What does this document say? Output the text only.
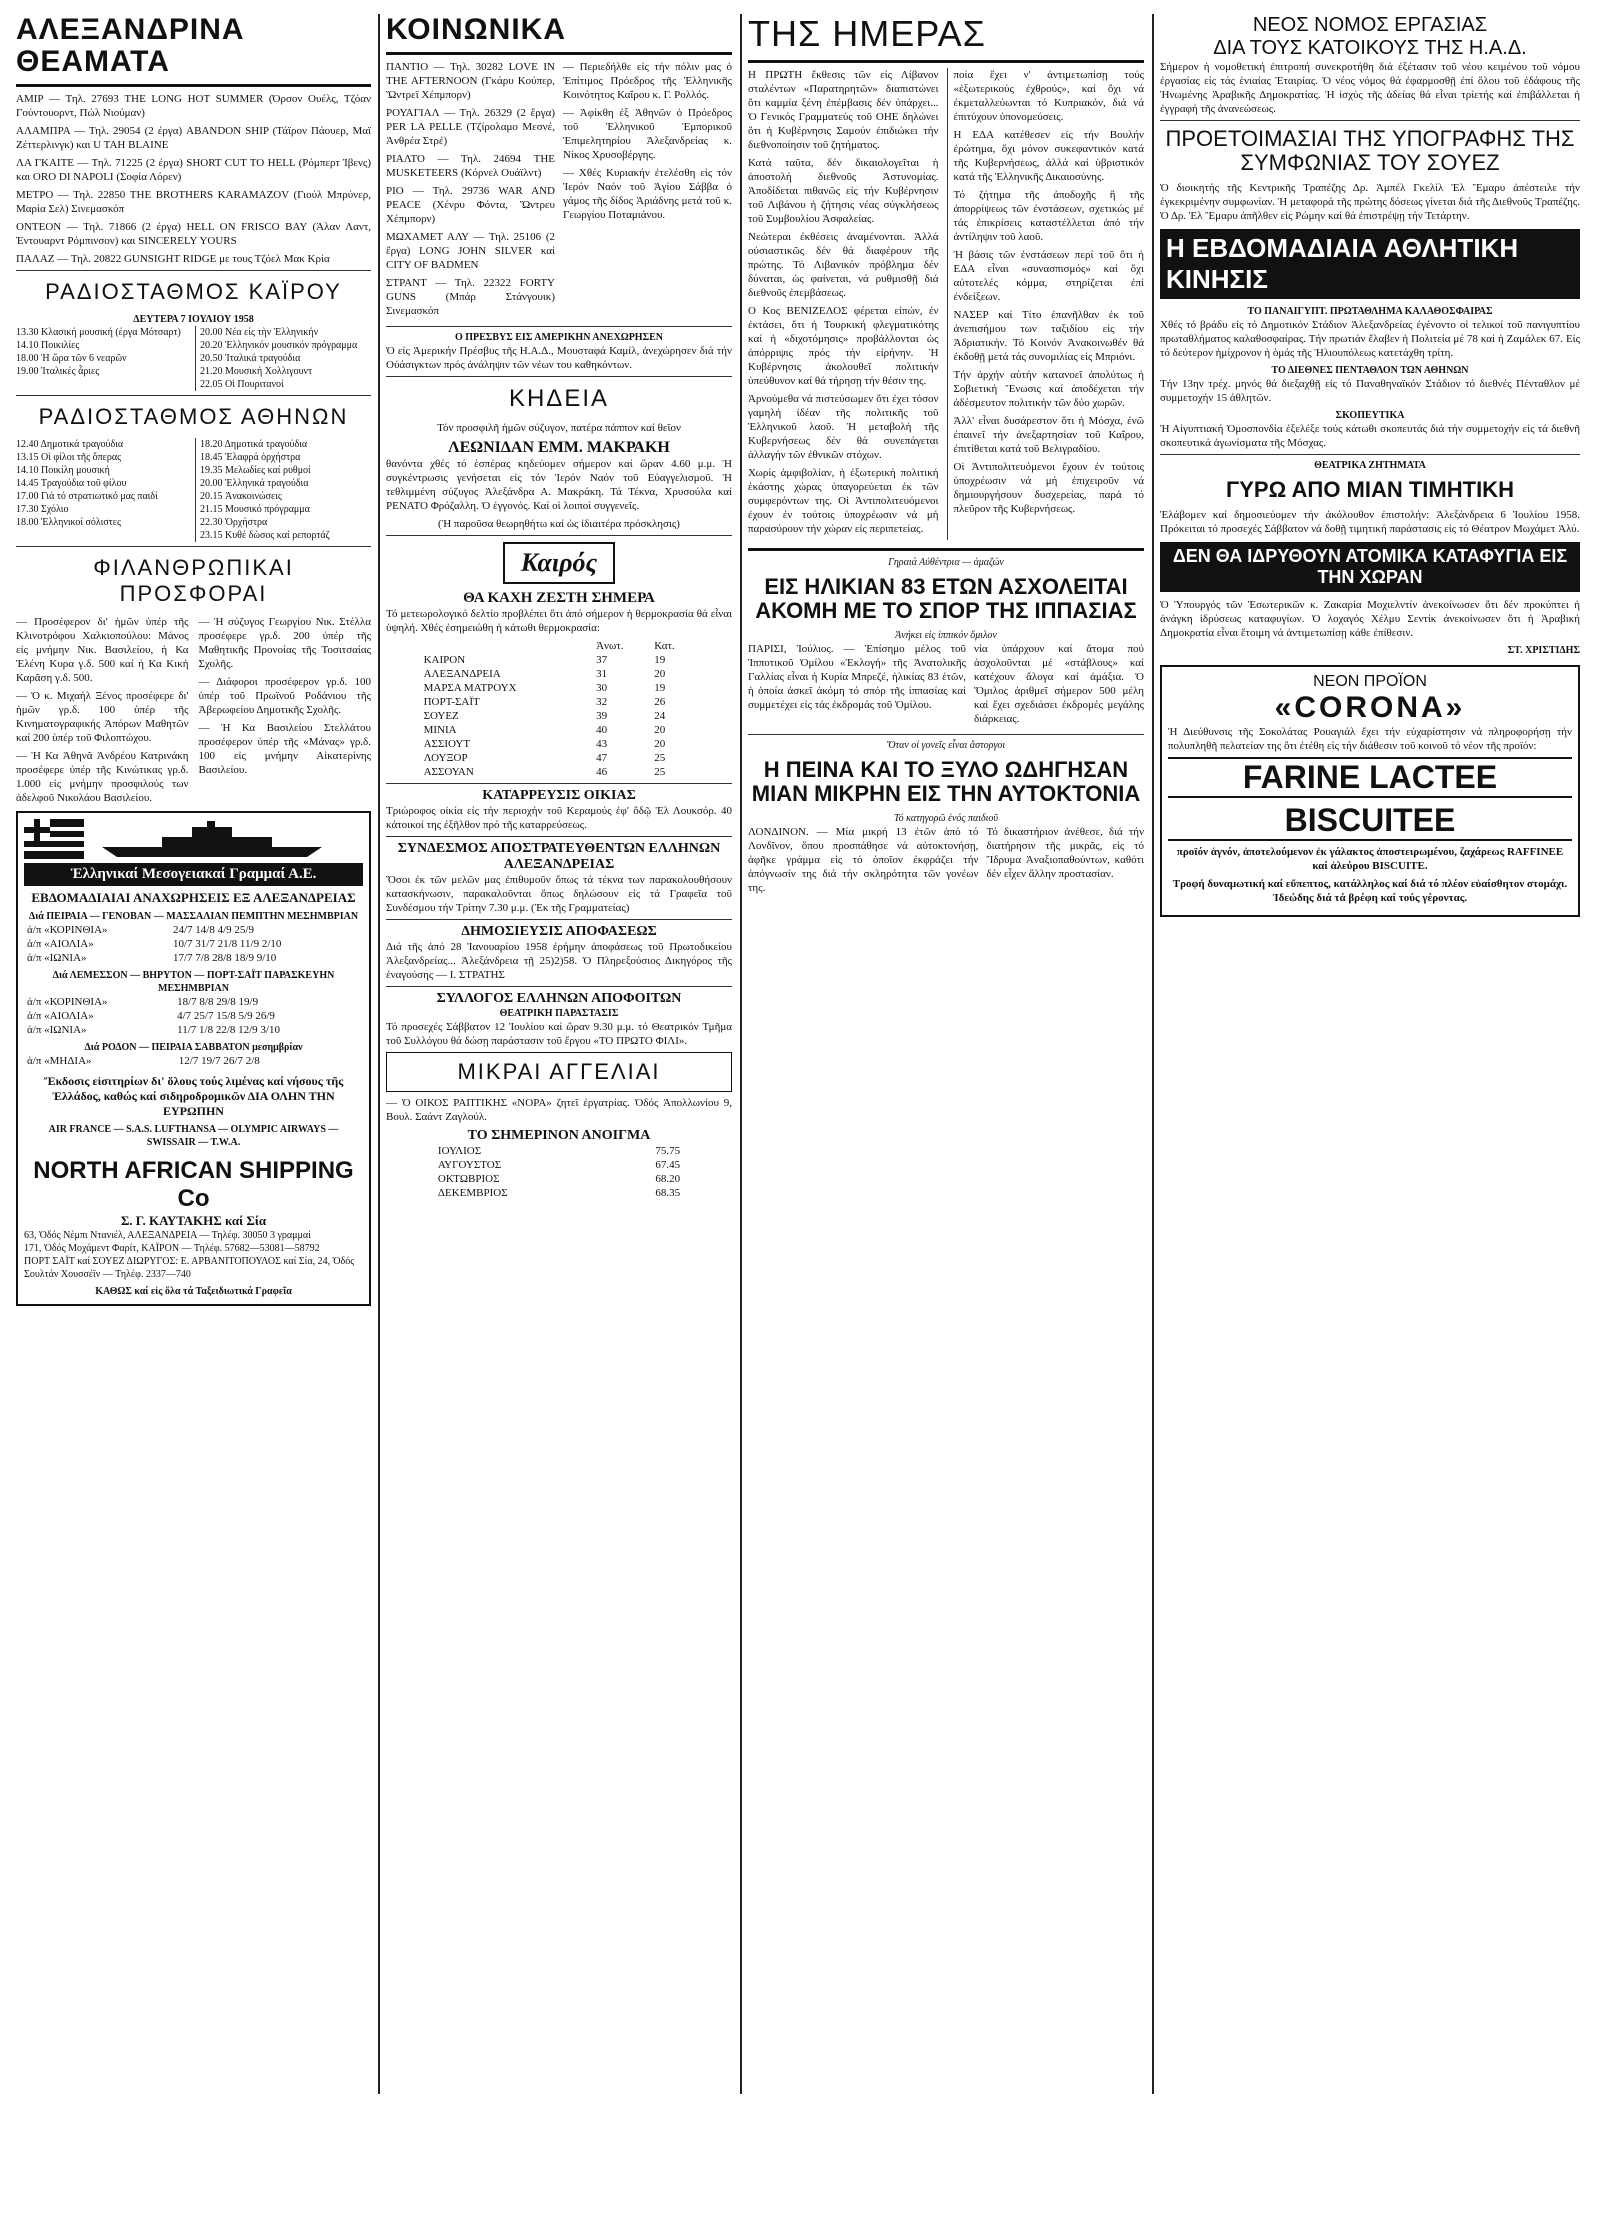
ΑΛΕΞΑΝΔΡΙΝΑ ΘΕΑΜΑΤΑ

ΑΜΙΡ — Τηλ. 27693 THE LONG HOT SUMMER (Όρσον Ουέλς, Τζόαν Γούντουορντ, Πώλ Νιούμαν)

ΑΛΑΜΠΡΑ — Τηλ. 29054 (2 έργα) ABANDON SHIP (Τάϊρον Πάουερ, Μαϊ Ζέττερλινγκ) και U TAH BLAINE

ΛΑ ΓΚΑΙΤΕ — Τηλ. 71225 (2 έργα) SHORT CUT TO HELL (Ρόμπερτ Ίβενς) και ORO DI NAPOLI (Σοφία Λόρεν)

ΜΕΤΡΟ — Τηλ. 22850 THE BROTHERS KARAMAZOV (Γιούλ Μπρύνερ, Μαρία Σελ) Σινεμασκόπ

ΟΝΤΕΟΝ — Τηλ. 71866 (2 έργα) HELL ON FRISCO BAY (Άλαν Λαντ, Έντουαρντ Ρόμπινσον) και SINCERELY YOURS

ΠΑΛΑΖ — Τηλ. 20822 GUNSIGHT RIDGE με τους Τζόελ Μακ Κρία

ΡΑΔΙΟΣΤΑΘΜΟΣ ΚΑΪΡΟΥ
ΔΕΥΤΕΡΑ 7 ΙΟΥΛΙΟΥ 1958
13.30 Κλασική μουσική (έργα Μότσαρτ)
14.10 Ποικιλίες
18.00 Ἡ ὥρα τῶν 6 νεαρῶν
19.00 Ἰταλικές ἆριες
20.00 Νέα είς τὴν Ἑλληνικήν
20.20 Ἑλληνικόν μουσικόν πρόγραμμα
20.50 Ἰταλικά τραγούδια
21.20 Μουσική Χολλιγουντ
22.05 Οἱ Πουριτανοί
ΡΑΔΙΟΣΤΑΘΜΟΣ ΑΘΗΝΩΝ
12.40 Δημοτικά τραγούδια
13.15 Οἱ φίλοι τῆς ὅπερας
14.10 Ποικίλη μουσική
14.45 Τραγούδια τοῦ φίλου
17.00 Γιά τό στρατιωτικό μας παιδί
17.30 Σχόλιο
18.00 Ἑλληνικοί σόλιστες
18.20 Δημοτικά τραγούδια
18.45 Ἐλαφρά ὀρχήστρα
19.35 Μελωδίες καί ρυθμοί
20.00 Ἑλληνικά τραγούδια
20.15 Ἀνακοινώσεις
21.15 Μουσικό πρόγραμμα
22.30 Ὀρχήστρα
23.15 Κυθέ δώσος καί ρεπορτάζ
ΦΙΛΑΝΘΡΩΠΙΚΑΙ ΠΡΟΣΦΟΡΑΙ

— Προσέφερον δι' ἡμῶν ὑπέρ τῆς Κλινοτρόφου Χαλκιοπούλου: Μάνος εἰς μνήμην Νικ. Βασιλείου, ἡ Κα Ἑλένη Κυρα γ.δ. 500 καί ἡ Κα Κική Καρᾶση γ.δ. 500.

— Ὁ κ. Μιχαήλ Ξένος προσέφερε δι' ἡμῶν γρ.δ. 100 ὑπέρ τῆς Κινηματογραφικής Ἀπόρων Μαθητῶν καί 200 ὑπέρ τοῦ Φιλοπτώχου.

— Ἡ Κα Ἀθηνᾶ Ἀνδρέου Κατρινάκη προσέφερε ὑπέρ τῆς Κινώτικας γρ.δ. 1.000 εἰς μνήμην προσφιλούς των ἀδελφοῦ Νικολάου Βασιλείου.

— Ἡ σύζυγος Γεωργίου Νικ. Στέλλα προσέφερε γρ.δ. 200 ὑπέρ τῆς Μαθητικῆς Προνοίας τῆς Τοσιτσαίας Σχολῆς.

— Διάφοροι προσέφερον γρ.δ. 100 ὑπέρ τοῦ Πρωϊνοῦ Ροδάνιου τῆς Ἀβερωφείου Δημοτικῆς Σχολῆς.

— Ἡ Κα Βασιλείου Στελλάτου προσέφερον ὑπέρ τῆς «Μάνας» γρ.δ. 100 εἰς μνήμην Αἰκατερίνης Βασιλείου.

Ἑλληνικαί Μεσογειακαί Γραμμαί Α.Ε.
ΕΒΔΟΜΑΔΙΑΙΑΙ ΑΝΑΧΩΡΗΣΕΙΣ ΕΞ ΑΛΕΞΑΝΔΡΕΙΑΣ
Διά ΠΕΙΡΑΙΑ — ΓΕΝΟΒΑΝ — ΜΑΣΣΑΛΙΑΝ ΠΕΜΠΤΗΝ ΜΕΣΗΜΒΡΙΑΝ
ἀ/π «ΚΟΡΙΝΘΙΑ»	24/7 14/8 4/9 25/9
ἀ/π «ΑΙΟΛΙΑ»	10/7 31/7 21/8 11/9 2/10
ἀ/π «ΙΩΝΙΑ»	17/7 7/8 28/8 18/9 9/10
Διά ΛΕΜΕΣΣΟΝ — ΒΗΡΥΤΟΝ — ΠΟΡΤ-ΣΑΪΤ ΠΑΡΑΣΚΕΥΗΝ ΜΕΣΗΜΒΡΙΑΝ
ἀ/π «ΚΟΡΙΝΘΙΑ»	18/7 8/8 29/8 19/9
ἀ/π «ΑΙΟΛΙΑ»	4/7 25/7 15/8 5/9 26/9
ἀ/π «ΙΩΝΙΑ»	11/7 1/8 22/8 12/9 3/10
Διά ΡΟΔΟΝ — ΠΕΙΡΑΙΑ ΣΑΒΒΑΤΟΝ μεσημβρίαν
ἀ/π «ΜΗΔΙΑ»	12/7 19/7 26/7 2/8
Ἔκδοσις εἰσιτηρίων δι' ὅλους τούς λιμένας καί νήσους τῆς Ἑλλάδος, καθώς καί σιδηροδρομικῶν ΔΙΑ ΟΛΗΝ ΤΗΝ ΕΥΡΩΠΗΝ
AIR FRANCE — S.A.S. LUFTHANSA — OLYMPIC AIRWAYS — SWISSAIR — T.W.A.
NORTH AFRICAN SHIPPING Co
Σ. Γ. ΚΑΥΤΑΚΗΣ καί Σία
63, Ὁδός Νέμπι Ντανιέλ, ΑΛΕΞΑΝΔΡΕΙΑ — Τηλέφ. 30050 3 γραμμαί
171, Ὁδός Μοχάμεντ Φαρίτ, ΚΑΪΡΟΝ — Τηλέφ. 57682—53081—58792
ΠΟΡΤ ΣΑΪΤ καί ΣΟΥΕΖ ΔΙΩΡΥΓΟΣ: Ε. ΑΡΒΑΝΙΤΟΠΟΥΛΟΣ καί Σία, 24, Ὁδός Σουλτάν Χουσσέϊν — Τηλέφ. 2337—740
ΚΑΘΩΣ καί εἰς ὅλα τά Ταξειδιωτικά Γραφεῖα
ΚΟΙΝΩΝΙΚΑ

ΠΑΝΤΙΟ — Τηλ. 30282 LOVE IN THE AFTERNOON (Γκάρυ Κούπερ, Ὤντρεϊ Χέπμπορν)

ΡΟΥΑΓΙΑΛ — Τηλ. 26329 (2 ἔργα) PER LA PELLE (Τζίρολαμο Μεσνέ, Ἀνθρέα Στρέ)

ΡΙΑΛΤΟ — Τηλ. 24694 THE MUSKETEERS (Κόρνελ Ουάϊλντ)

ΡΙΟ — Τηλ. 29736 WAR AND PEACE (Χένρυ Φόντα, Ὤντρευ Χέπμπορν)

ΜΩΧΑΜΕΤ ΑΛΥ — Τηλ. 25106 (2 ἔργα) LONG JOHN SILVER καί CITY OF BADMEN

ΣΤΡΑΝΤ — Τηλ. 22322 FORTY GUNS (Μπάρ Στάνγουικ) Σινεμασκόπ

— Περιεδήλθε εἰς τήν πόλιν μας ὁ Ἐπίτιμος Πρόεδρος τῆς Ἑλληνικῆς Κοινότητος Καΐρου κ. Γ. Ρολλός.

— Ἀφίκθη ἐξ Ἀθηνῶν ὁ Πρόεδρος τοῦ Ἑλληνικοῦ Ἐμπορικοῦ Ἐπιμελητηρίου Ἀλεξανδρείας κ. Νίκος Χρυσοβέργης.

— Χθές Κυριακήν ἐτελέσθη εἰς τόν Ἱερόν Ναόν τοῦ Ἁγίου Σάββα ὁ γάμος τῆς δίδος Ἀριάδνης μετά τοῦ κ. Γεωργίου Ποταμιάνου.

Ο ΠΡΕΣΒΥΣ ΕΙΣ ΑΜΕΡΙΚΗΝ ΑΝΕΧΩΡΗΣΕΝ

Ὁ εἰς Ἀμερικήν Πρέσβυς τῆς Η.Α.Δ., Μουσταφά Καμίλ, ἀνεχώρησεν διά τήν Οὐάσιγκτων πρός ἀνάληψιν τῶν νέων του καθηκόντων.

ΚΗΔΕΙΑ

Τόν προσφιλῆ ἡμῶν σύζυγον, πατέρα πάππον καί θεῖον

ΛΕΩΝΙΔΑΝ ΕΜΜ. ΜΑΚΡΑΚΗ

θανόντα χθές τό ἑσπέρας κηδεύομεν σήμερον καί ὥραν 4.60 μ.μ. Ἡ συγκέντρωσις γενήσεται εἰς τόν Ἱερόν Ναόν τοῦ Εὐαγγελισμοῦ. Ἡ τεθλιμμένη σύζυγος Ἀλεξάνδρα Α. Μακράκη. Τά Τέκνα, Χρυσούλα καί ΡΕΝΑΤΟ Φρόζαλλη. Ὁ ἐγγονός. Καί οἱ λοιποί συγγενεῖς.

(Ἡ παροῦσα θεωρηθήτω καί ὡς ἰδιαιτέρα πρόσκλησις)

Καιρός
ΘΑ ΚΑΧΗ ΖΕΣΤΗ ΣΗΜΕΡΑ

Τό μετεωρολογικό δελτίο προβλέπει ὅτι ἀπό σήμερον ἡ θερμοκρασία θά εἶναι ὑψηλή. Χθές ἐσημειώθη ἡ κάτωθι θερμοκρασία:

	Ἀνωτ.	Κατ.
ΚΑΙΡΟΝ	37	19
ΑΛΕΞΑΝΔΡΕΙΑ	31	20
ΜΑΡΣΑ ΜΑΤΡΟΥΧ	30	19
ΠΟΡΤ-ΣΑΪΤ	32	26
ΣΟΥΕΖ	39	24
ΜΙΝΙΑ	40	20
ΑΣΣΙΟΥΤ	43	20
ΛΟΥΞΟΡ	47	25
ΑΣΣΟΥΑΝ	46	25
ΚΑΤΑΡΡΕΥΣΙΣ ΟΙΚΙΑΣ

Τριώροφος οἰκία εἰς τήν περιοχήν τοῦ Κεραμούς ἐφ' ὅδῷ Ἐλ Λουκσόρ. 40 κάτοικοί της ἐξῆλθον πρό τῆς καταρρεύσεως.

ΣΥΝΔΕΣΜΟΣ ΑΠΟΣΤΡΑΤΕΥΘΕΝΤΩΝ ΕΛΛΗΝΩΝ ΑΛΕΞΑΝΔΡΕΙΑΣ

Ὅσοι ἐκ τῶν μελῶν μας ἐπιθυμοῦν ὅπως τά τέκνα των παρακολουθήσουν κατασκήνωσιν, παρακαλοῦνται ὅπως δηλώσουν εἰς τά Γραφεῖα τοῦ Συνδέσμου τήν Τρίτην 7.30 μ.μ. (Ἐκ τῆς Γραμματείας)

ΔΗΜΟΣΙΕΥΣΙΣ ΑΠΟΦΑΣΕΩΣ

Διά τῆς ἀπό 28 Ἰανουαρίου 1958 ἐρήμην ἀποφάσεως τοῦ Πρωτοδικείου Ἀλεξανδρείας... Ἀλεξάνδρεια τῇ 25)2)58. Ὁ Πληρεξούσιος Δικηγόρος τῆς ἐναγούσης — Ι. ΣΤΡΑΤΗΣ

ΣΥΛΛΟΓΟΣ ΕΛΛΗΝΩΝ ΑΠΟΦΟΙΤΩΝ
ΘΕΑΤΡΙΚΗ ΠΑΡΑΣΤΑΣΙΣ

Τό προσεχές Σάββατον 12 Ἰουλίου καί ὥραν 9.30 μ.μ. τό Θεατρικόν Τμῆμα τοῦ Συλλόγου θά δώσῃ παράστασιν τοῦ ἔργου «ΤΟ ΠΡΩΤΟ ΦΙΛΙ».

ΜΙΚΡΑΙ ΑΓΓΕΛΙΑΙ

— Ὁ ΟΙΚΟΣ ΡΑΠΤΙΚΗΣ «ΝΟΡΑ» ζητεῖ ἐργατρίας. Ὁδός Ἀπολλωνίου 9, Βουλ. Σαάντ Ζαγλούλ.

ΤΟ ΣΗΜΕΡΙΝΟΝ ΑΝΟΙΓΜΑ
ΙΟΥΛΙΟΣ	75.75
ΑΥΓΟΥΣΤΟΣ	67.45
ΟΚΤΩΒΡΙΟΣ	68.20
ΔΕΚΕΜΒΡΙΟΣ	68.35
ΤΗΣ ΗΜΕΡΑΣ

Η ΠΡΩΤΗ ἔκθεσις τῶν εἰς Λίβανον σταλέντων «Παρατηρητῶν» διαπιστώνει ὅτι καμμία ξένη ἐπέμβασις δέν ὑπάρχει... Ὁ Γενικός Γραμματεύς τοῦ ΟΗΕ δηλώνει ὅτι ἡ Κυβέρνησις Σαμούν ἐπιδιώκει τήν διεθνοποίησιν τοῦ ζητήματος.

Κατά ταῦτα, δέν δικαιολογεῖται ἡ ἀποστολή διεθνοῦς Ἀστυνομίας. Ἀποδίδεται πιθανῶς εἰς τήν Κυβέρνησιν τοῦ Λιβάνου ἡ ζήτησις νέας σύγκλήσεως τοῦ Συμβουλίου Ἀσφαλείας.

Νεώτεραι ἐκθέσεις ἀναμένονται. Ἀλλά οὐσιαστικῶς δέν θά διαφέρουν τῆς πρώτης. Τό Λιβανικόν πρόβλημα δέν δύναται, ὡς φαίνεται, νά ρυθμισθῇ διά διεθνοῦς ἐπεμβάσεως.

Ο Κος ΒΕΝΙΖΕΛΟΣ φέρεται εἰπών, ἐν ἐκτάσει, ὅτι ἡ Τουρκική φλεγματικότης καί ἡ «διχοτόμησις» προβάλλονται ὡς ἀπόρριψις πρός τήν εἰρήνην. Ἡ Κυβέρνησις ἀκολουθεῖ πολιτικήν ὑπεύθυνον καί θά τήρησῃ τήν θέσιν της.

Ἀρνούμεθα νά πιστεύσωμεν ὅτι ἐχει τόσον γαμηλή ἰδέαν τῆς πολιτικῆς τοῦ Ἑλληνικοῦ λαοῦ. Ἡ μεταβολή τῆς Κυβερνήσεως δέν θά συνεπάγεται ἀλλαγήν τῶν ἐθνικῶν στόχων.

Χωρίς ἀμφιβολίαν, ἡ ἐξωτερική πολιτική ἑκάστης χώρας ὑπαγορεύεται ἐκ τῶν συμφερόντων της. Οἱ Ἀντιπολιτευόμενοι ἐχουν ἐν τούτοις ὑποχρέωσιν νά μή παρασύρουν τήν χώραν εἰς περιπετείας.

ποία ἔχει ν' ἀντιμετωπίσῃ τούς «ἐξωτερικούς ἐχθρούς», καί ὄχι νά ἐκμεταλλεύωνται τό Κυπριακόν, διά νά ἐπιτύχουν ὑπονομεύσεις.

Η ΕΔΑ κατέθεσεν εἰς τήν Βουλήν ἐρώτημα, ὄχι μόνον συκεφαντικόν κατά τῆς Κυβερνήσεως, ἀλλά καί ὑβριστικόν κατά τῆς Ἑλληνικῆς Δικαιοσύνης.

Τό ζήτημα τῆς ἀποδοχῆς ἢ τῆς ἀπορρίψεως τῶν ἐνστάσεων, σχετικώς μέ τάς ἐπικρίσεις καταστέλλεται ἀπό τήν ἀντίληψιν τοῦ λαοῦ.

Ἡ βάσις τῶν ἐνστάσεων περί τοῦ ὅτι ἡ ΕΔΑ εἶναι «συνασπισμός» καί ὄχι αὐτοτελές κόμμα, στηρίζεται ἐπί ἐνδείξεων.

ΝΑΣΕΡ καί Τίτο ἐπανῆλθαν ἐκ τοῦ ἀνεπισήμου των ταξιδίου εἰς τήν Ἀδριατικήν. Τό Κοινόν Ἀνακοινωθέν θά ἐκδοθῇ μετά τάς συνομιλίας εἰς Μπριόνι.

Τήν ἀρχήν αὐτήν κατανοεῖ ἀπολύτως ἡ Σοβιετική Ἕνωσις καί ἀποδέχεται τήν ἀδέσμευτον πολιτικήν τῶν δύο χωρῶν.

Ἀλλ' εἶναι δυσάρεστον ὅτι ἡ Μόσχα, ἐνῶ ἐπαινεῖ τήν ἀνεξαρτησίαν τοῦ Καΐρου, ἐπιτίθεται κατά τοῦ Βελιγραδίου.

Οἱ Ἀντιπολιτευόμενοι ἔχουν ἐν τούτοις ὑποχρέωσιν νά μή ἐπιχειροῦν νά δημιουργήσουν δυσχερείας, παρά τό πλεῦρον τῆς Κυβερνήσεως.

Γηραιά Αὐθέντρια — ἀμαζών
ΕΙΣ ΗΛΙΚΙΑΝ 83 ΕΤΩΝ ΑΣΧΟΛΕΙΤΑΙ ΑΚΟΜΗ ΜΕ ΤΟ ΣΠΟΡ ΤΗΣ ΙΠΠΑΣΙΑΣ
Ἀνήκει εἰς ἱππικόν ὅμιλον

ΠΑΡΙΣΙ, Ἰούλιος. — Ἐπίσημο μέλος τοῦ Ἱπποτικοῦ Ὁμίλου «Ἐκλογή» τῆς Ἀνατολικῆς Γαλλίας εἶναι ἡ Κυρία Μπρεζέ, ἡλικίας 83 ἐτῶν, ἡ ὁποία ἀσκεῖ ἀκόμη τό σπόρ τῆς ἱππασίας καί συμμετέχει εἰς τάς ἐκδρομάς τοῦ Ὁμίλου.

νία ὑπάρχουν καί ἄτομα πού ἀσχολοῦνται μέ «στάβλους» καί κατέχουν ἄλογα καί ἀμάξια. Ὁ Ὅμιλος ἀριθμεῖ σήμερον 500 μέλη καί ἔχει σχεδιάσει ἐκδρομές μεγάλης διάρκειας.

Ὅταν οἱ γονεῖς εἶναι ἄστοργοι
Η ΠΕΙΝΑ ΚΑΙ ΤΟ ΞΥΛΟ ΩΔΗΓΗΣΑΝ ΜΙΑΝ ΜΙΚΡΗΝ ΕΙΣ ΤΗΝ ΑΥΤΟΚΤΟΝΙΑ
Τό κατηγορῶ ἑνός παιδιοῦ

ΛΟΝΔΙΝΟΝ. — Μία μικρή 13 ἐτῶν ἀπό τό Λονδῖνον, ὅπου προσπάθησε νά αὐτοκτονήσῃ, ἀφῆκε γράμμα εἰς τό ὁποῖον ἐκφράζει τήν ἀπόγνωσίν της διά τήν σκληρότητα τῶν γονέων της.

Τό δικαστήριον ἀνέθεσε, διά τήν διατήρησιν τῆς μικρᾶς, εἰς τό Ἵδρυμα Ἀναξιοπαθούντων, καθότι δέν εἶχεν ἄλλην προστασίαν.

ΝΕΟΣ ΝΟΜΟΣ ΕΡΓΑΣΙΑΣ
ΔΙΑ ΤΟΥΣ ΚΑΤΟΙΚΟΥΣ ΤΗΣ Η.Α.Δ.

Σήμερον ἡ νομοθετική ἐπιτροπή συνεκροτήθη διά ἐξέτασιν τοῦ νέου κειμένου τοῦ νόμου ἐργασίας εἰς τάς ἑνιαίας Ἑταιρίας. Ὁ νέος νόμος θά ἐφαρμοσθῇ ἐπί ὅλου τοῦ ἐδάφους τῆς Ἡνωμένης Ἀραβικῆς Δημοκρατίας. Ἡ ἰσχύς τῆς ἀδείας θά εἶναι τρίετής καί ἐπιβάλλεται ἡ ἐγγραφή τῆς ἀνανεώσεως.

ΠΡΟΕΤΟΙΜΑΣΙΑΙ ΤΗΣ ΥΠΟΓΡΑΦΗΣ ΤΗΣ ΣΥΜΦΩΝΙΑΣ ΤΟΥ ΣΟΥΕΖ

Ὁ διοικητής τῆς Κεντρικῆς Τραπέζης Δρ. Ἀμπέλ Γκελίλ Ἐλ Ἔμαρυ ἀπέστειλε τήν ἐγκεκριμένην συμφωνίαν. Ἡ μεταφορά τῆς πρώτης δόσεως γίνεται διά τῆς Διεθνοῦς Τραπέζης. Ὁ Δρ. Ἐλ Ἔμαρυ ἀπῆλθεν εἰς Ρώμην καί θά ἐπιστρέψῃ τήν Τετάρτην.

Η ΕΒΔΟΜΑΔΙΑΙΑ ΑΘΛΗΤΙΚΗ ΚΙΝΗΣΙΣ
ΤΟ ΠΑΝΑΙΓΥΠΤ. ΠΡΩΤΑΘΛΗΜΑ ΚΑΛΑΘΟΣΦΑΙΡΑΣ

Χθές τό βράδυ εἰς τό Δημοτικόν Στάδιον Ἀλεξανδρείας ἐγένοντο οἱ τελικοί τοῦ πανιγυπτίου πρωταθλήματος καλαθοσφαίρας. Τήν πρωτιάν ἔλαβεν ἡ Πολιτεία μέ 78 καί ἡ Ζαμάλεκ 67. Εἰς τό δεύτερον ἡμίχρονον ἡ ὁμάς τῆς Ἠλιουπόλεως κατετάχθη τρίτη.

ΤΟ ΔΙΕΘΝΕΣ ΠΕΝΤΑΘΛΟΝ ΤΩΝ ΑΘΗΝΩΝ

Τήν 13ην τρέχ. μηνός θά διεξαχθῇ εἰς τό Παναθηναϊκόν Στάδιον τό διεθνές Πένταθλον μέ συμμετοχήν 15 ἀθλητῶν.

ΣΚΟΠΕΥΤΙΚΑ

Ἡ Αἰγυπτιακή Ὁμοσπονδία ἐξελέξε τούς κάτωθι σκοπευτάς διά τήν συμμετοχήν εἰς τά διεθνῆ σκοπευτικά ἀγωνίσματα τῆς Μόσχας.

ΘΕΑΤΡΙΚΑ ΖΗΤΗΜΑΤΑ
ΓΥΡΩ ΑΠΟ ΜΙΑΝ ΤΙΜΗΤΙΚΗ

Ἐλάβομεν καί δημοσιεύομεν τήν ἀκόλουθον ἐπιστολήν: Ἀλεξάνδρεια 6 Ἰουλίου 1958. Πρόκειται τό προσεχές Σάββατον νά δοθῇ τιμητική παράστασις εἰς τό Θέατρον Μωχάμετ Ἀλύ.

ΔΕΝ ΘΑ ΙΔΡΥΘΟΥΝ ΑΤΟΜΙΚΑ ΚΑΤΑΦΥΓΙΑ ΕΙΣ ΤΗΝ ΧΩΡΑΝ

Ὁ Ὑπουργός τῶν Ἐσωτερικῶν κ. Ζακαρία Μοχιελντίν ἀνεκοίνωσεν ὅτι δέν προκύπτει ἡ ἀνάγκη ἱδρύσεως καταφυγίων. Ὁ λοχαγός Χέλμυ Σεντίκ ἀνεκοίνωσεν ὅτι ἡ Ἀραβική Δημοκρατία εἶναι ἕτοιμη νά ἀντιμετωπίσῃ κάθε ἐπίθεσιν.

ΣΤ. ΧΡΙΣΤΙΔΗΣ
ΝΕΟΝ ΠΡΟΪΟΝ
«CORONA»

Ἡ Διεύθυνσις τῆς Σοκολάτας Ρουαγιάλ ἔχει τήν εὐχαρίστησιν νά πληροφορήσῃ τήν πολυπληθῆ πελατείαν της ὅτι ἐτέθη εἰς τήν διάθεσιν τοῦ κοινοῦ τό νέον τῆς προϊόν:

FARINE LACTEE
BISCUITEE

προϊόν ἁγνόν, ἀποτελούμενον ἐκ γάλακτος ἀποστειρωμένου, ζαχάρεως RAFFINEE καί ἀλεύρου BISCUITE.

Τροφή δυναμωτική καί εὔπεπτος, κατάλληλος καί διά τό πλέον εὐαίσθητον στομάχι. Ἰδεώδης διά τά βρέφη καί τούς γέροντας.
